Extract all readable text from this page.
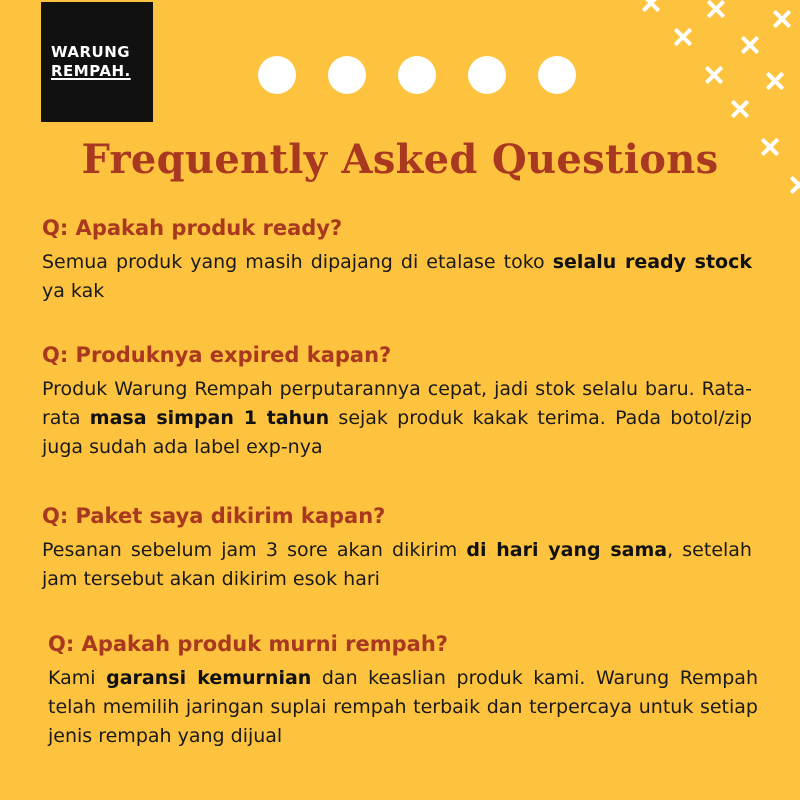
WARUNG
REMPAH.
Frequently Asked Questions

Q: Apakah produk ready?

Semua produk yang masih dipajang di etalase toko selalu ready stock ya kak

Q: Produknya expired kapan?

Produk Warung Rempah perputarannya cepat, jadi stok selalu baru. Rata-rata masa simpan 1 tahun sejak produk kakak terima. Pada botol/zip juga sudah ada label exp-nya

Q: Paket saya dikirim kapan?

Pesanan sebelum jam 3 sore akan dikirim di hari yang sama, setelah jam tersebut akan dikirim esok hari

Q: Apakah produk murni rempah?

Kami garansi kemurnian dan keaslian produk kami. Warung Rempah telah memilih jaringan suplai rempah terbaik dan terpercaya untuk setiap jenis rempah yang dijual
